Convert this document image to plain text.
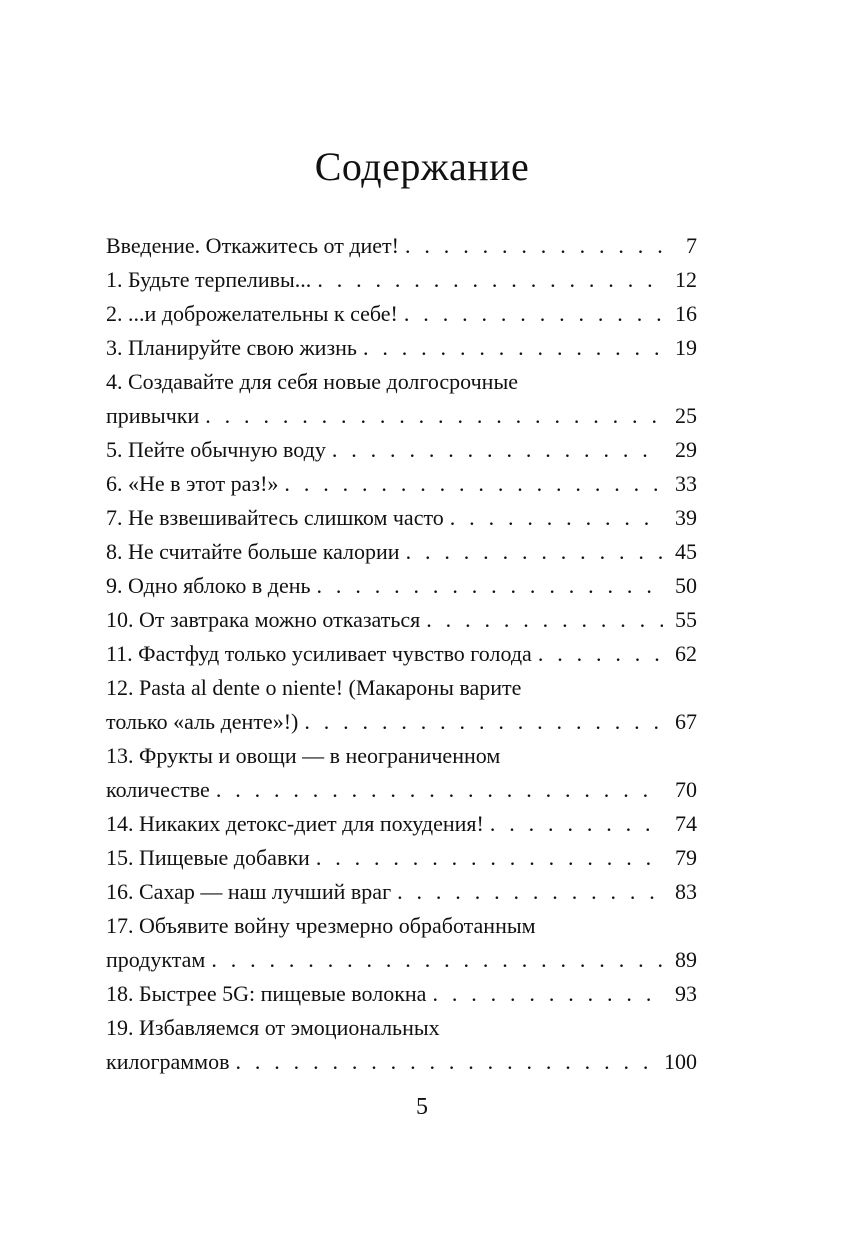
Содержание
Введение. Откажитесь от диет! . . .	7
1. Будьте терпеливы... . . .	12
2. ...и доброжелательны к себе! . . .	16
3. Планируйте свою жизнь . . .	19
4. Создавайте для себя новые долгосрочные
привычки . . .	25
5. Пейте обычную воду . . .	29
6. «Не в этот раз!» . . .	33
7. Не взвешивайтесь слишком часто . . .	39
8. Не считайте больше калории . . .	45
9. Одно яблоко в день . . .	50
10. От завтрака можно отказаться . . .	55
11. Фастфуд только усиливает чувство голода . . .	62
12. Pasta al dente o niente! (Макароны варите
только «аль денте»!) . . .	67
13. Фрукты и овощи — в неограниченном
количестве . . .	70
14. Никаких детокс-диет для похудения! . . .	74
15. Пищевые добавки . . .	79
16. Сахар — наш лучший враг . . .	83
17. Объявите войну чрезмерно обработанным
продуктам . . .	89
18. Быстрее 5G: пищевые волокна . . .	93
19. Избавляемся от эмоциональных
килограммов . . .	100
5
